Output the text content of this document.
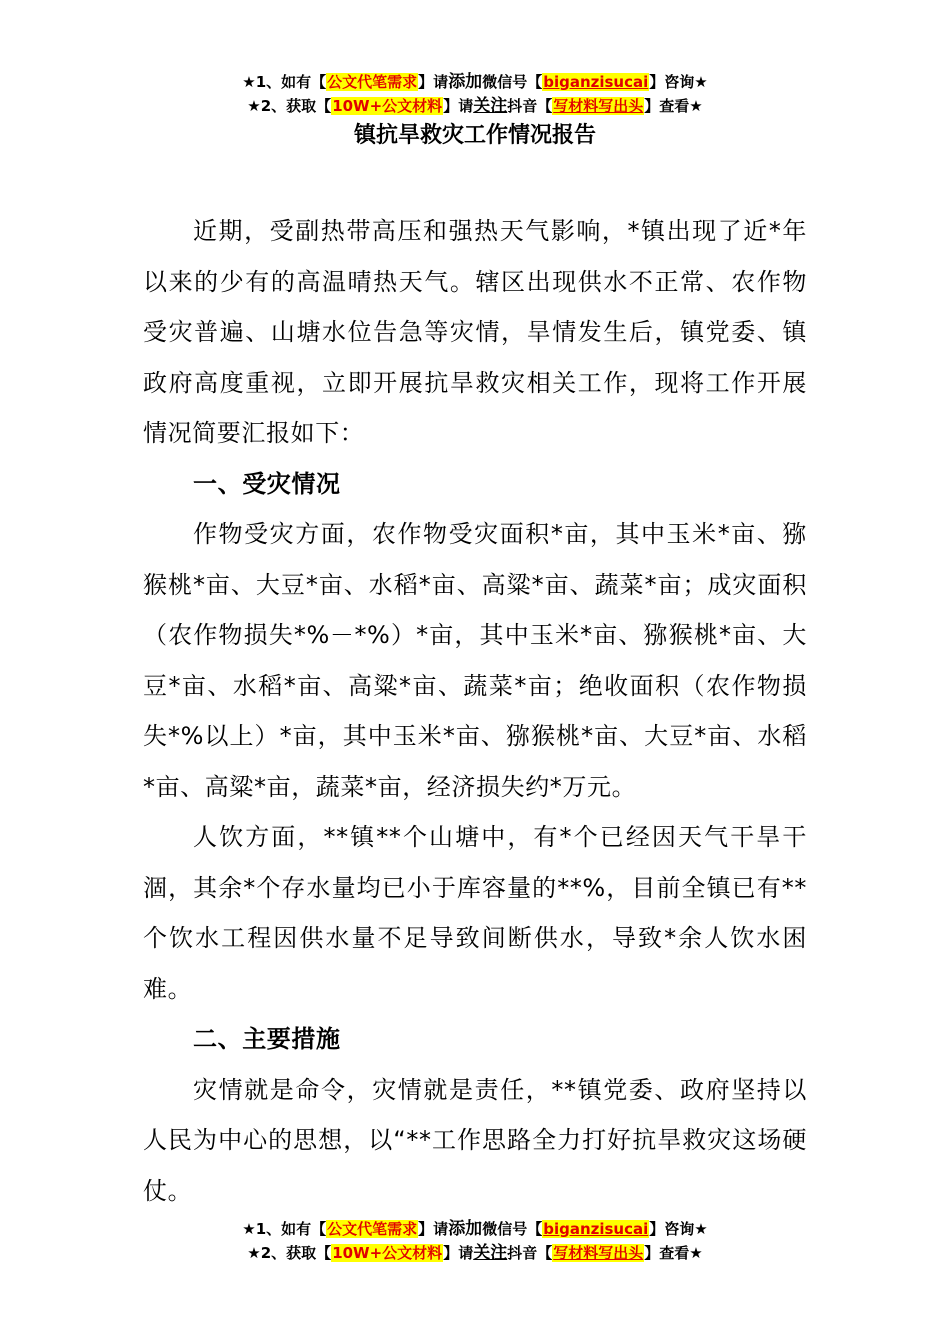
★1、如有【公文代笔需求】请添加微信号【biganzisucai】咨询★
★2、获取【10W+公文材料】请关注抖音【写材料写出头】查看★
镇抗旱救灾工作情况报告

近期，受副热带高压和强热天气影响，*镇出现了近*年以来的少有的高温晴热天气。辖区出现供水不正常、农作物受灾普遍、山塘水位告急等灾情，旱情发生后，镇党委、镇政府高度重视，立即开展抗旱救灾相关工作，现将工作开展情况简要汇报如下：

一、受灾情况

作物受灾方面，农作物受灾面积*亩，其中玉米*亩、猕猴桃*亩、大豆*亩、水稻*亩、高粱*亩、蔬菜*亩；成灾面积（农作物损失*%－*%）*亩，其中玉米*亩、猕猴桃*亩、大豆*亩、水稻*亩、高粱*亩、蔬菜*亩；绝收面积（农作物损失*%以上）*亩，其中玉米*亩、猕猴桃*亩、大豆*亩、水稻*亩、高粱*亩，蔬菜*亩，经济损失约*万元。

人饮方面，**镇**个山塘中，有*个已经因天气干旱干涸，其余*个存水量均已小于库容量的**%，目前全镇已有**个饮水工程因供水量不足导致间断供水，导致*余人饮水困难。

二、主要措施

灾情就是命令，灾情就是责任，**镇党委、政府坚持以人民为中心的思想，以“**工作思路全力打好抗旱救灾这场硬仗。

★1、如有【公文代笔需求】请添加微信号【biganzisucai】咨询★
★2、获取【10W+公文材料】请关注抖音【写材料写出头】查看★
